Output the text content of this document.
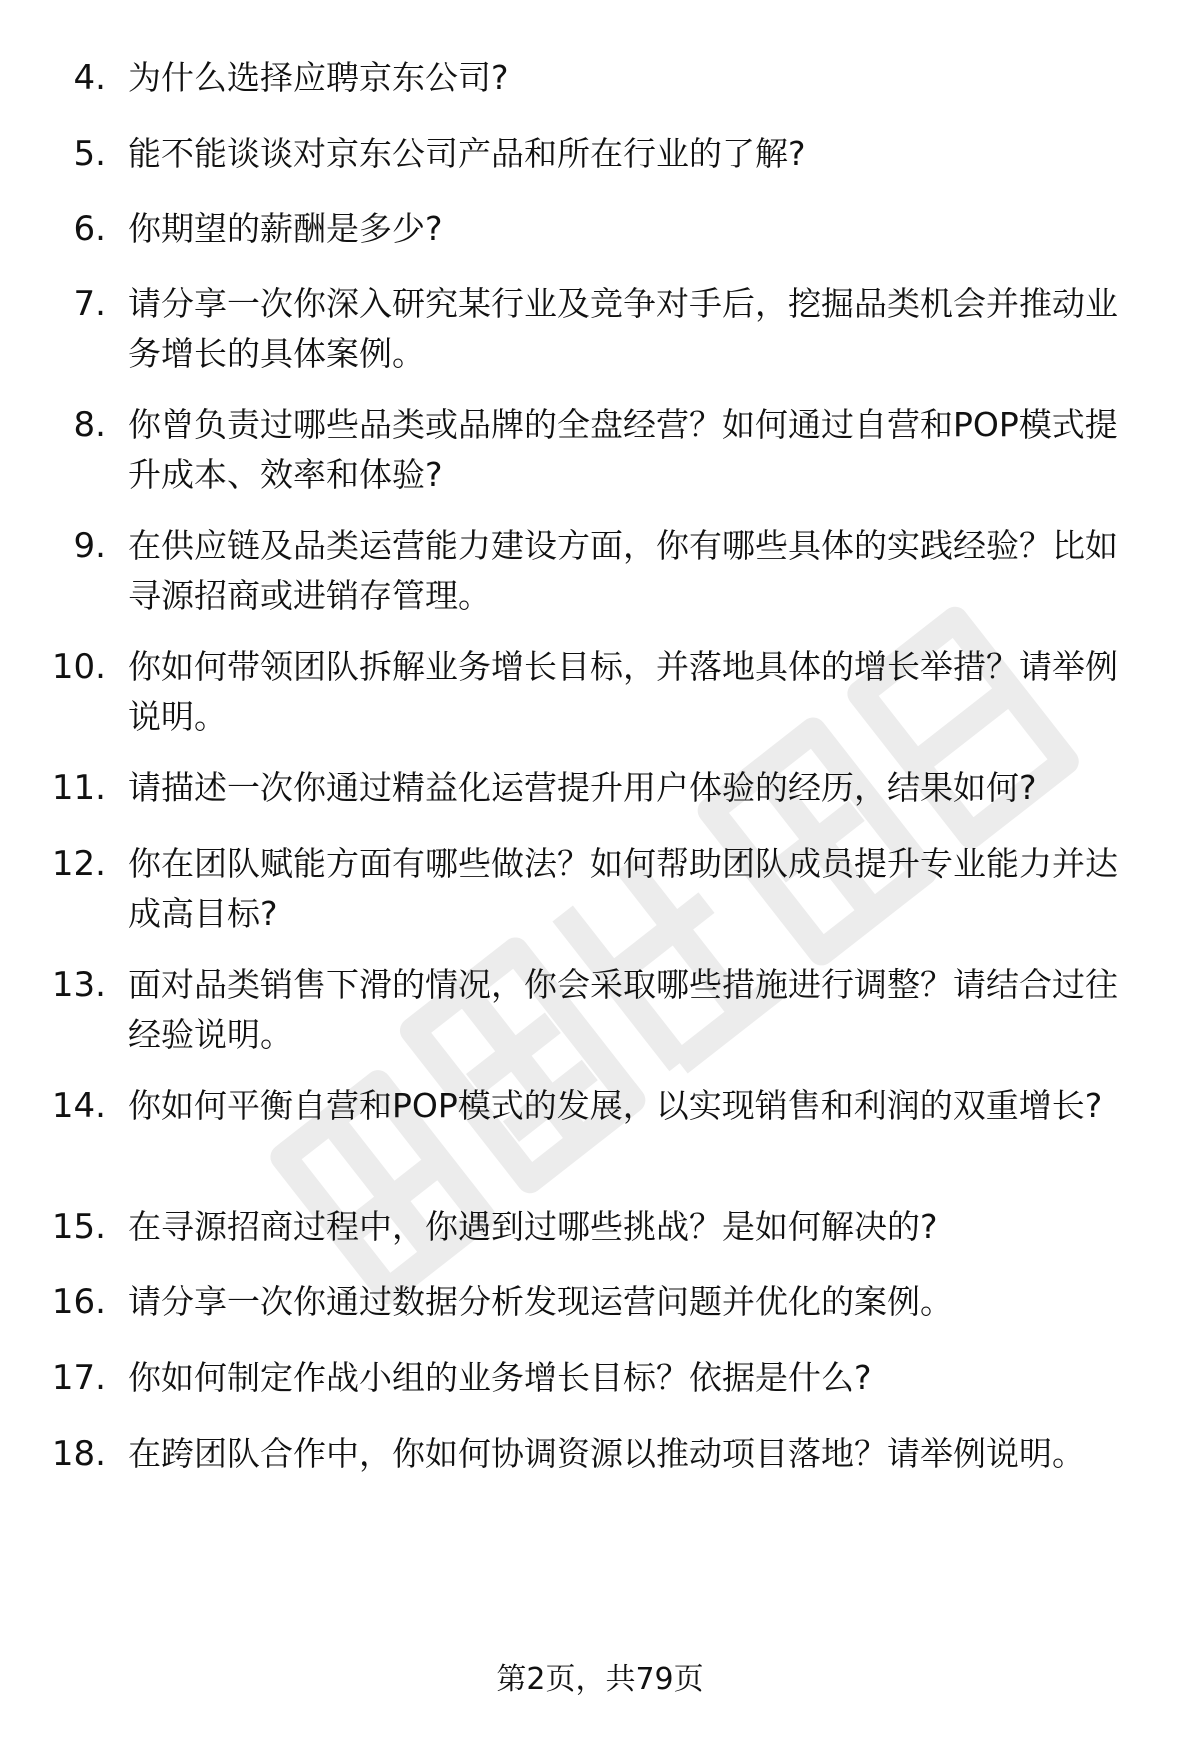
4. 为什么选择应聘京东公司?
5. 能不能谈谈对京东公司产品和所在行业的了解?
6. 你期望的薪酬是多少?
7. 请分享一次你深入研究某行业及竞争对手后，挖掘品类机会并推动业务增长的具体案例。
8. 你曾负责过哪些品类或品牌的全盘经营？如何通过自营和POP模式提升成本、效率和体验?
9. 在供应链及品类运营能力建设方面，你有哪些具体的实践经验？比如寻源招商或进销存管理。
10. 你如何带领团队拆解业务增长目标，并落地具体的增长举措？请举例说明。
11. 请描述一次你通过精益化运营提升用户体验的经历，结果如何?
12. 你在团队赋能方面有哪些做法？如何帮助团队成员提升专业能力并达成高目标?
13. 面对品类销售下滑的情况，你会采取哪些措施进行调整？请结合过往经验说明。
14. 你如何平衡自营和POP模式的发展，以实现销售和利润的双重增长?
15. 在寻源招商过程中，你遇到过哪些挑战？是如何解决的?
16. 请分享一次你通过数据分析发现运营问题并优化的案例。
17. 你如何制定作战小组的业务增长目标？依据是什么?
18. 在跨团队合作中，你如何协调资源以推动项目落地？请举例说明。
第2页，共79页
